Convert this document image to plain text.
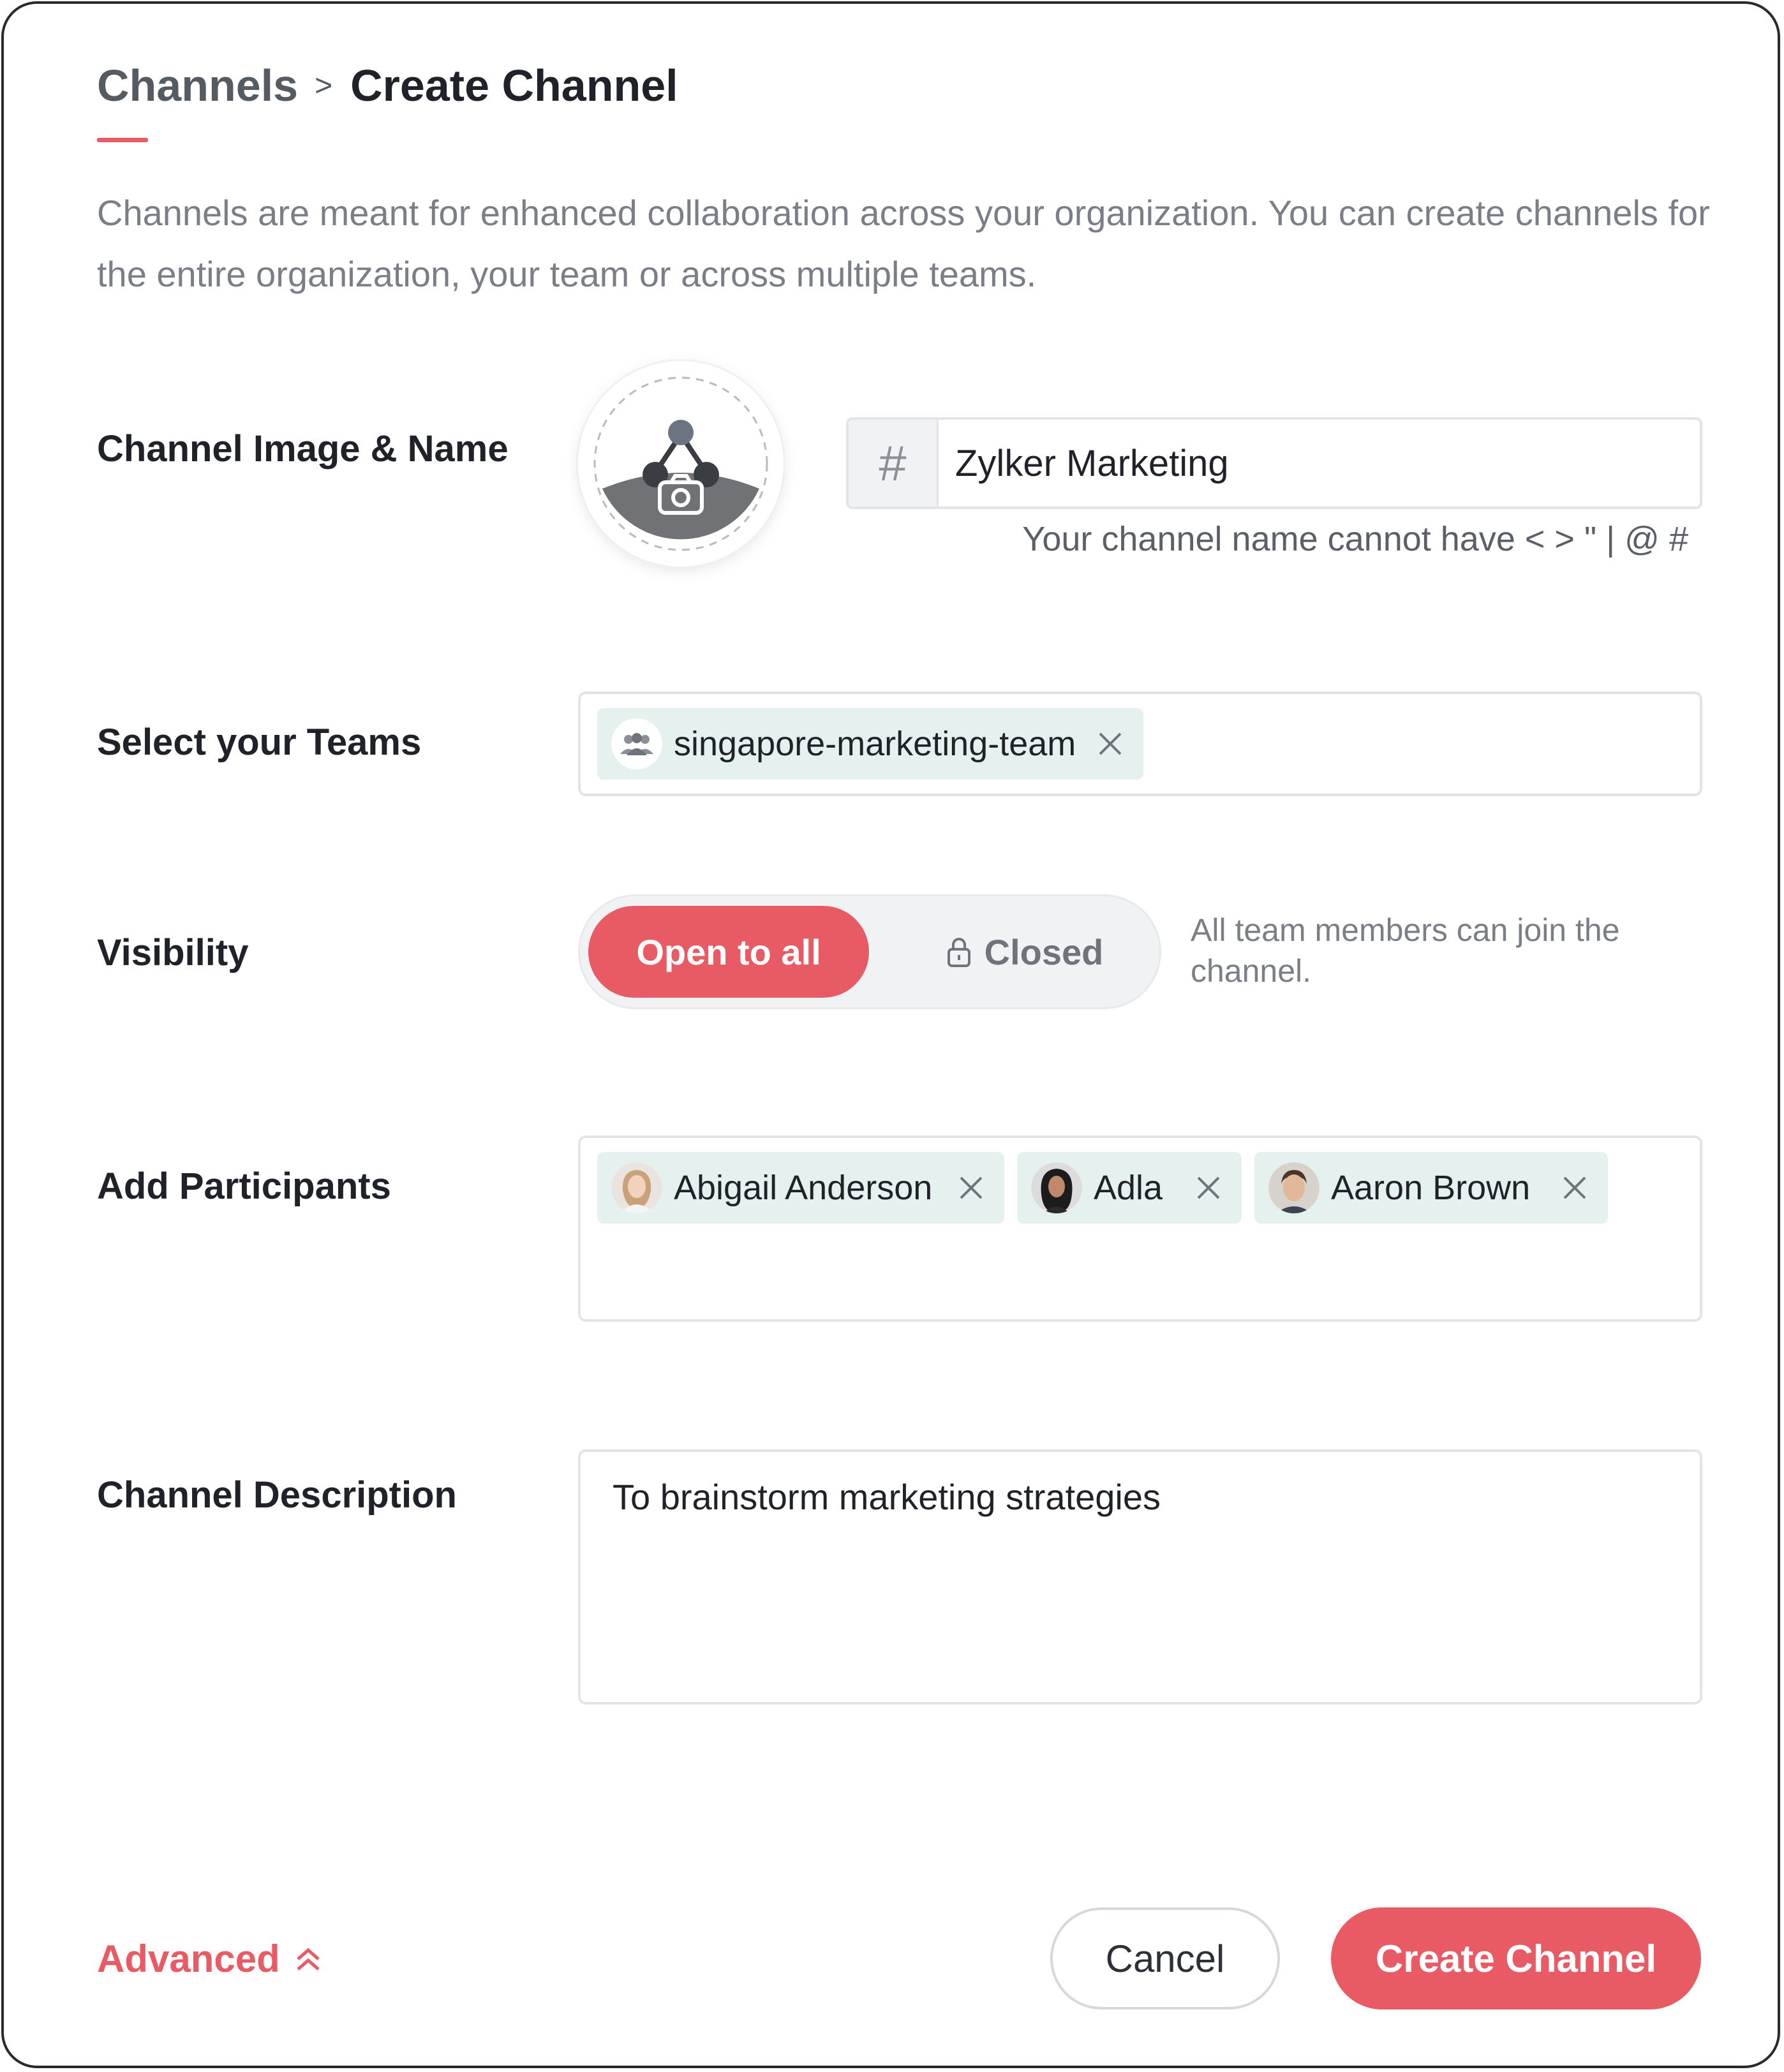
Channels > Create Channel
Channels are meant for enhanced collaboration across your organization. You can create channels for the entire organization, your team or across multiple teams.
Channel Image & Name	#	Zylker Marketing
Your channel name cannot have < > " | @ #
Select your Teams	singapore-marketing-team
Visibility	Open to all	Closed
All team members can join the channel.
Add Participants	Abigail Anderson	Adla	Aaron Brown
Channel Description	To brainstorm marketing strategies
Advanced	Cancel	Create Channel
